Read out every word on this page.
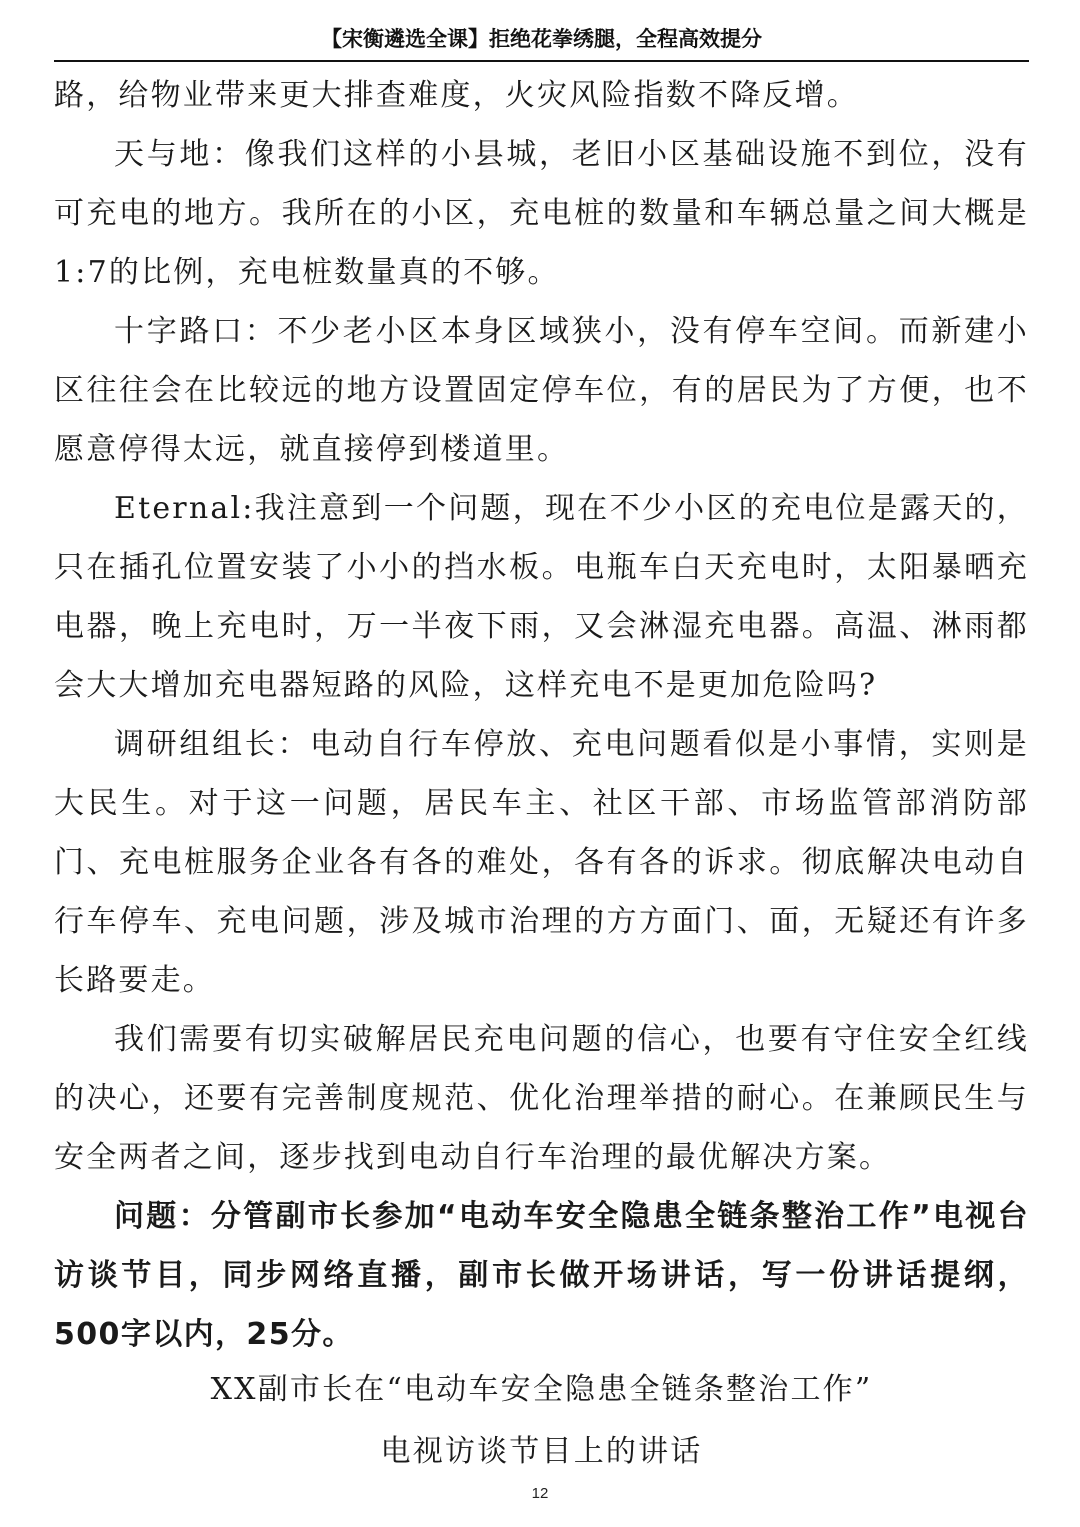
【宋衡遴选全课】拒绝花拳绣腿，全程高效提分

路，给物业带来更大排查难度，火灾风险指数不降反增。

天与地：像我们这样的小县城，老旧小区基础设施不到位，没有可充电的地方。我所在的小区，充电桩的数量和车辆总量之间大概是1:7的比例，充电桩数量真的不够。

十字路口：不少老小区本身区域狭小，没有停车空间。而新建小区往往会在比较远的地方设置固定停车位，有的居民为了方便，也不愿意停得太远，就直接停到楼道里。

Eternal:我注意到一个问题，现在不少小区的充电位是露天的，只在插孔位置安装了小小的挡水板。电瓶车白天充电时，太阳暴晒充电器，晚上充电时，万一半夜下雨，又会淋湿充电器。高温、淋雨都会大大增加充电器短路的风险，这样充电不是更加危险吗?

调研组组长：电动自行车停放、充电问题看似是小事情，实则是大民生。对于这一问题，居民车主、社区干部、市场监管部消防部门、充电桩服务企业各有各的难处，各有各的诉求。彻底解决电动自行车停车、充电问题，涉及城市治理的方方面门、面，无疑还有许多长路要走。

我们需要有切实破解居民充电问题的信心，也要有守住安全红线的决心，还要有完善制度规范、优化治理举措的耐心。在兼顾民生与安全两者之间，逐步找到电动自行车治理的最优解决方案。

问题：分管副市长参加“电动车安全隐患全链条整治工作”电视台访谈节目，同步网络直播，副市长做开场讲话，写一份讲话提纲，500字以内，25分。

XX副市长在“电动车安全隐患全链条整治工作”
电视访谈节目上的讲话
12
